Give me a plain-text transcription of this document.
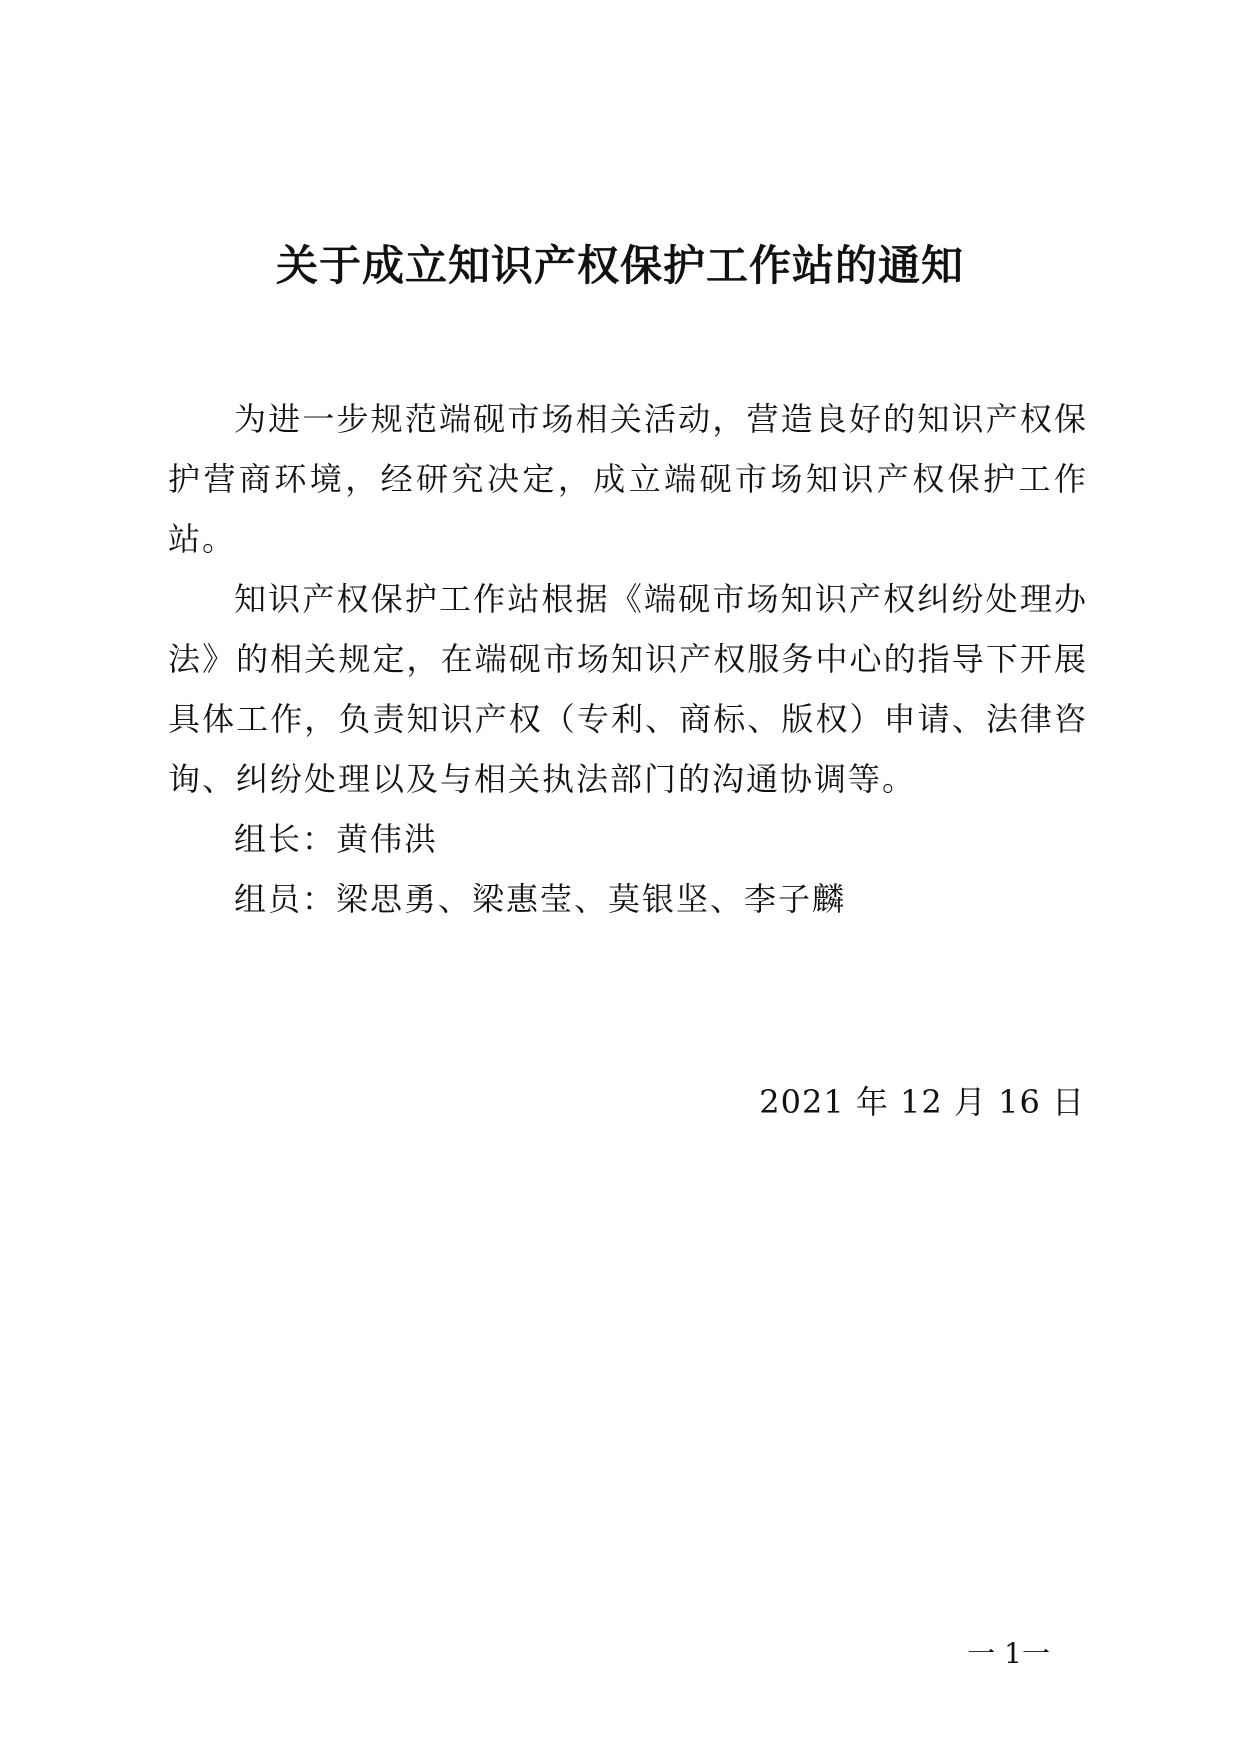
关于成立知识产权保护工作站的通知

为进一步规范端砚市场相关活动，营造良好的知识产权保护营商环境，经研究决定，成立端砚市场知识产权保护工作站。

知识产权保护工作站根据《端砚市场知识产权纠纷处理办法》的相关规定，在端砚市场知识产权服务中心的指导下开展具体工作，负责知识产权（专利、商标、版权）申请、法律咨询、纠纷处理以及与相关执法部门的沟通协调等。

组长：黄伟洪

组员：梁思勇、梁惠莹、莫银坚、李子麟

2021 年 12 月 16 日
一 1一
